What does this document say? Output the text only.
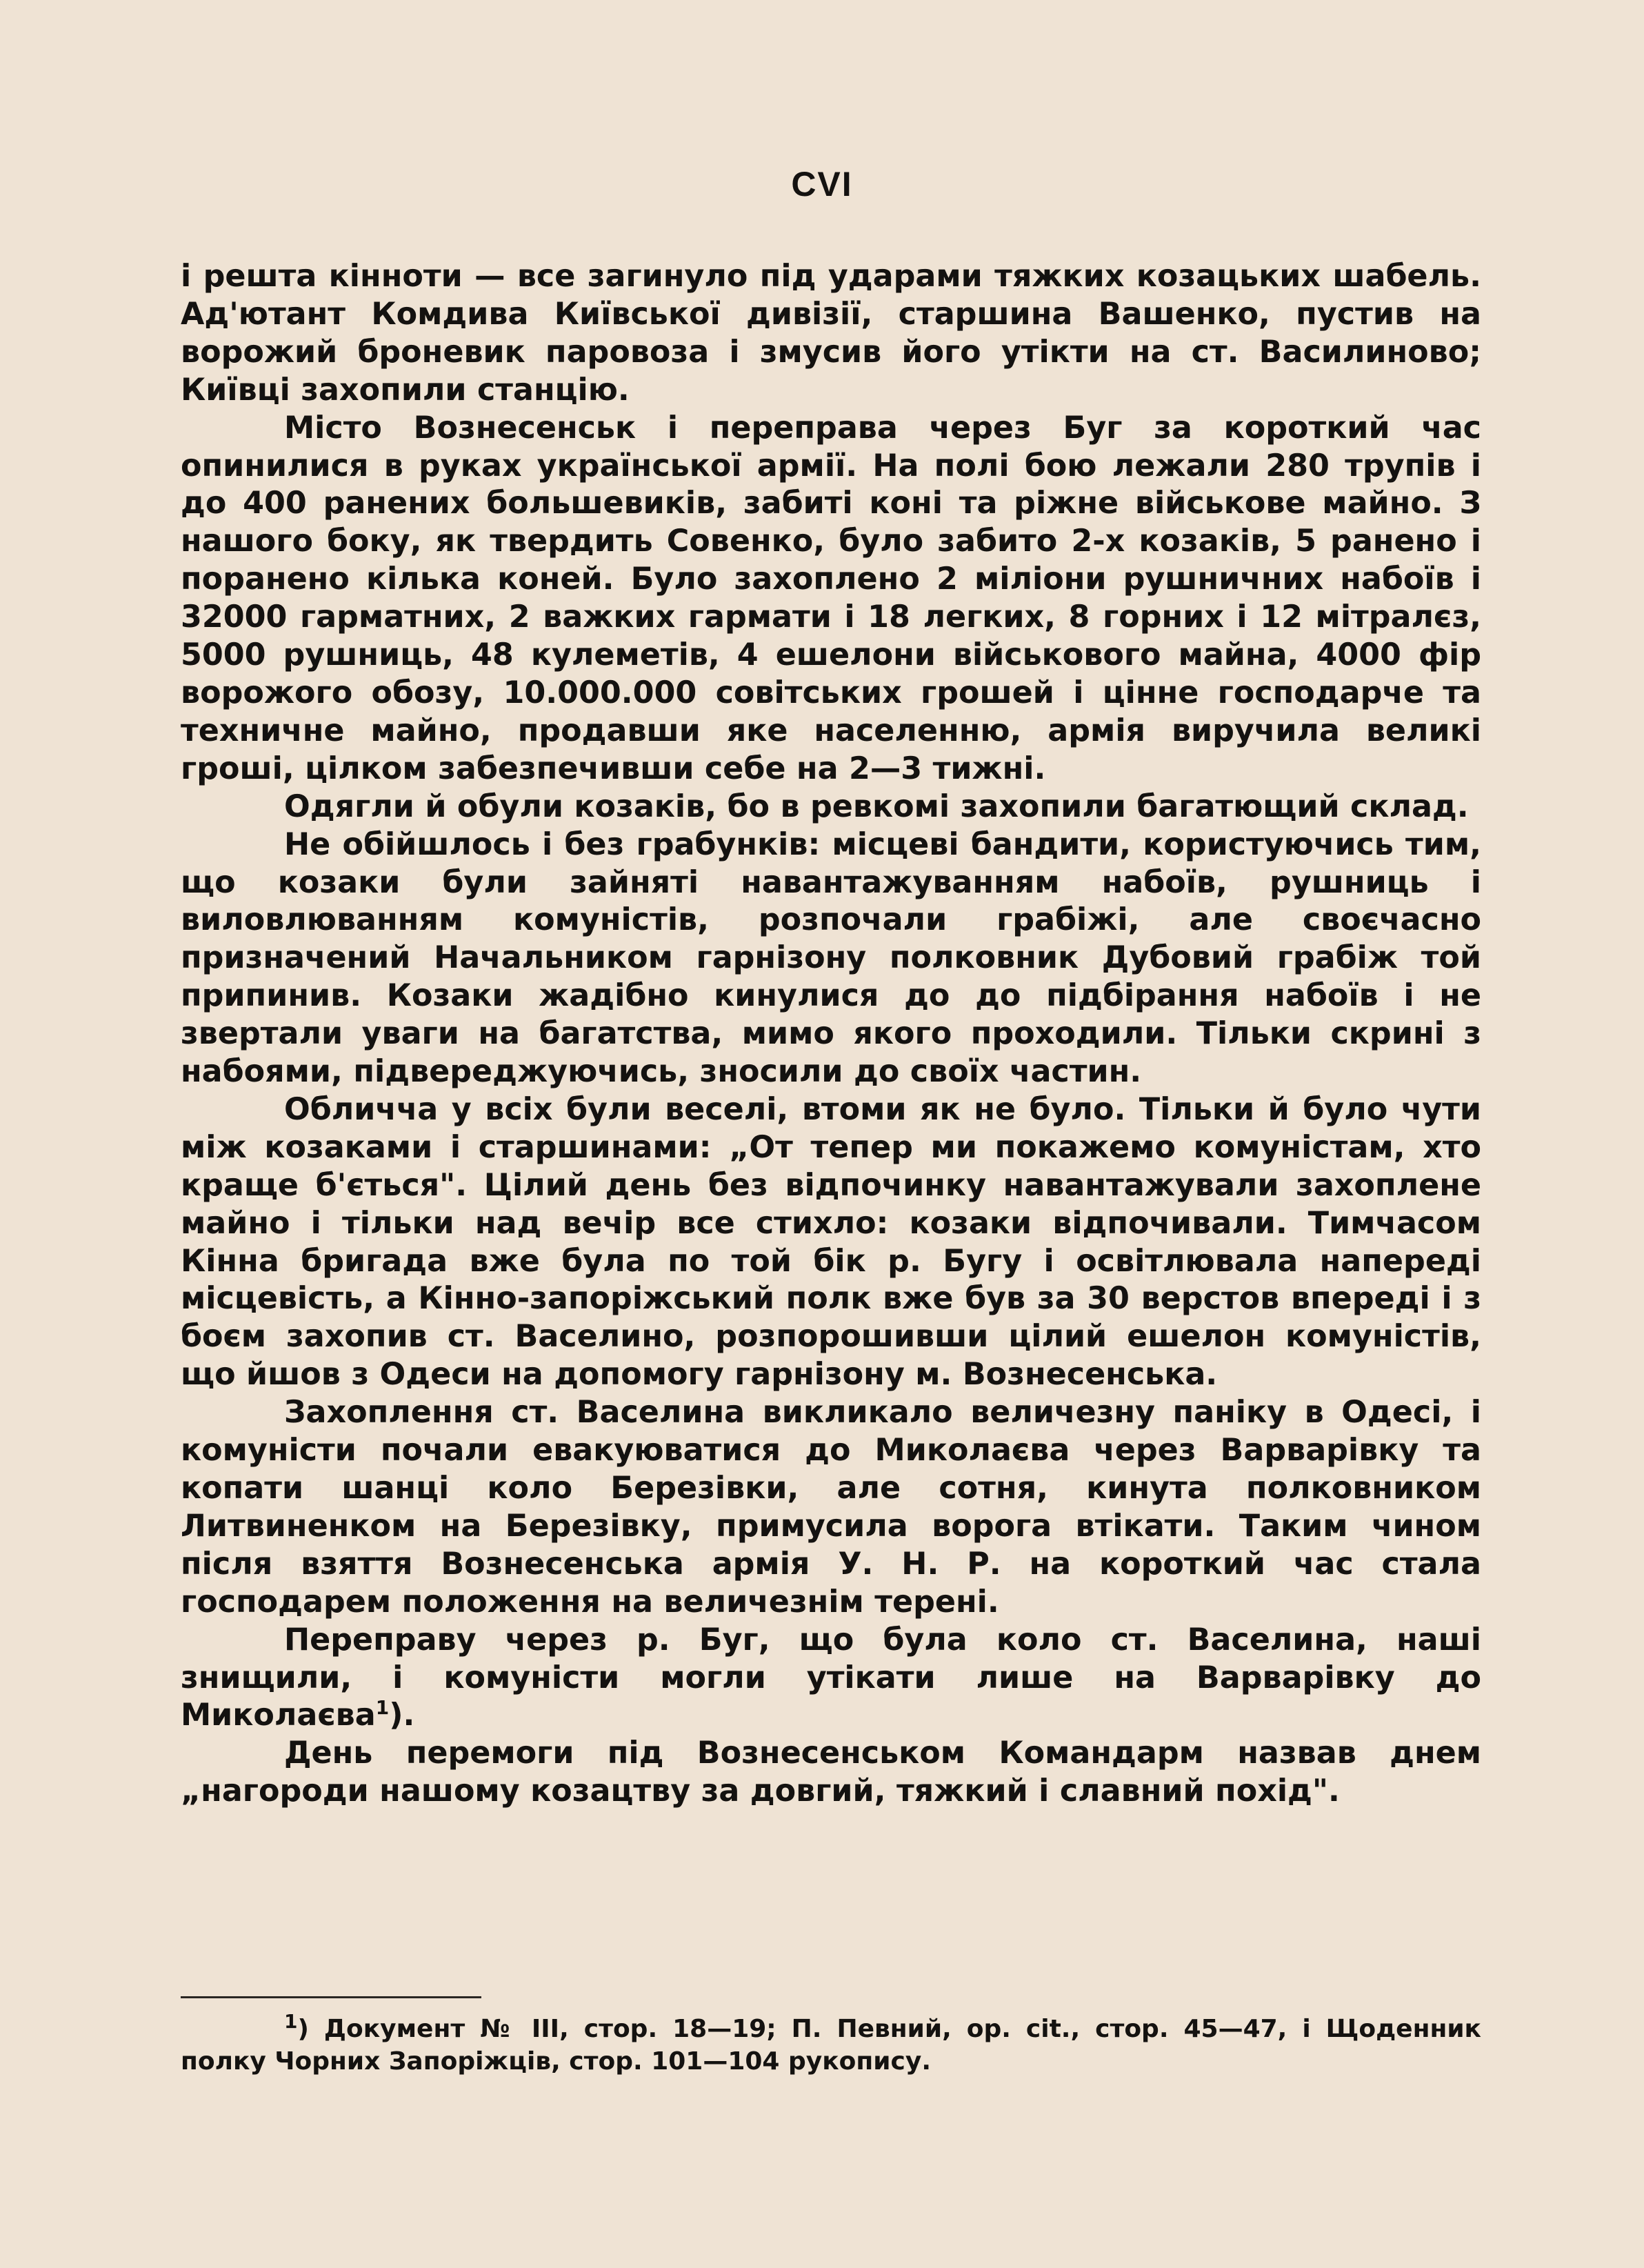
CVI

і решта кінноти — все загинуло під ударами тяжких козацьких шабель. Ад'ютант Комдива Київської дивізії, старшина Вашенко, пустив на ворожий броневик паровоза і змусив його утікти на ст. Василиново; Київці захопили станцію.

Місто Вознесенськ і переправа через Буг за короткий час опинилися в руках української армії. На полі бою лежали 280 трупів і до 400 ранених большевиків, забиті коні та ріжне військове майно. З нашого боку, як твердить Совенко, було забито 2-х козаків, 5 ранено і поранено кілька коней. Було захоплено 2 міліони рушничних набоїв і 32000 гарматних, 2 важких гармати і 18 легких, 8 горних і 12 мітралєз, 5000 рушниць, 48 кулеметів, 4 ешелони військового майна, 4000 фір ворожого обозу, 10.000.000 совітських грошей і цінне господарче та техничне майно, продавши яке населенню, армія виручила великі гроші, цілком забезпечивши себе на 2—3 тижні.

Одягли й обули козаків, бо в ревкомі захопили багатющий склад.

Не обійшлось і без грабунків: місцеві бандити, користуючись тим, що козаки були зайняті навантажуванням набоїв, рушниць і виловлюванням комуністів, розпочали грабіжі, але своєчасно призначений Начальником гарнізону полковник Дубовий грабіж той припинив. Козаки жадібно кинулися до до підбірання набоїв і не звертали уваги на багатства, мимо якого проходили. Тільки скрині з набоями, підвереджуючись, зносили до своїх частин.

Обличча у всіх були веселі, втоми як не було. Тільки й було чути між козаками і старшинами: „От тепер ми покажемо комуністам, хто краще б'ється". Цілий день без відпочинку навантажували захоплене майно і тільки над вечір все стихло: козаки відпочивали. Тимчасом Кінна бригада вже була по той бік р. Бугу і освітлювала напереді місцевість, а Кінно-запоріжський полк вже був за 30 верстов впереді і з боєм захопив ст. Васелино, розпорошивши цілий ешелон комуністів, що йшов з Одеси на допомогу гарнізону м. Вознесенська.

Захоплення ст. Васелина викликало величезну паніку в Одесі, і комуністи почали евакуюватися до Миколаєва через Варварівку та копати шанці коло Березівки, але сотня, кинута полковником Литвиненком на Березівку, примусила ворога втікати. Таким чином після взяття Вознесенська армія У. Н. Р. на короткий час стала господарем положення на величезнім терені.

Переправу через р. Буг, що була коло ст. Васелина, наші знищили, і комуністи могли утікати лише на Варварівку до Миколаєва$^1$).

День перемоги під Вознесенськом Командарм назвав днем „нагороди нашому козацтву за довгий, тяжкий і славний похід".

$^1$) Документ № III, стор. 18—19; П. Певний, ор. cit., стор. 45—47, і Щоденник полку Чорних Запоріжців, стор. 101—104 рукопису.
